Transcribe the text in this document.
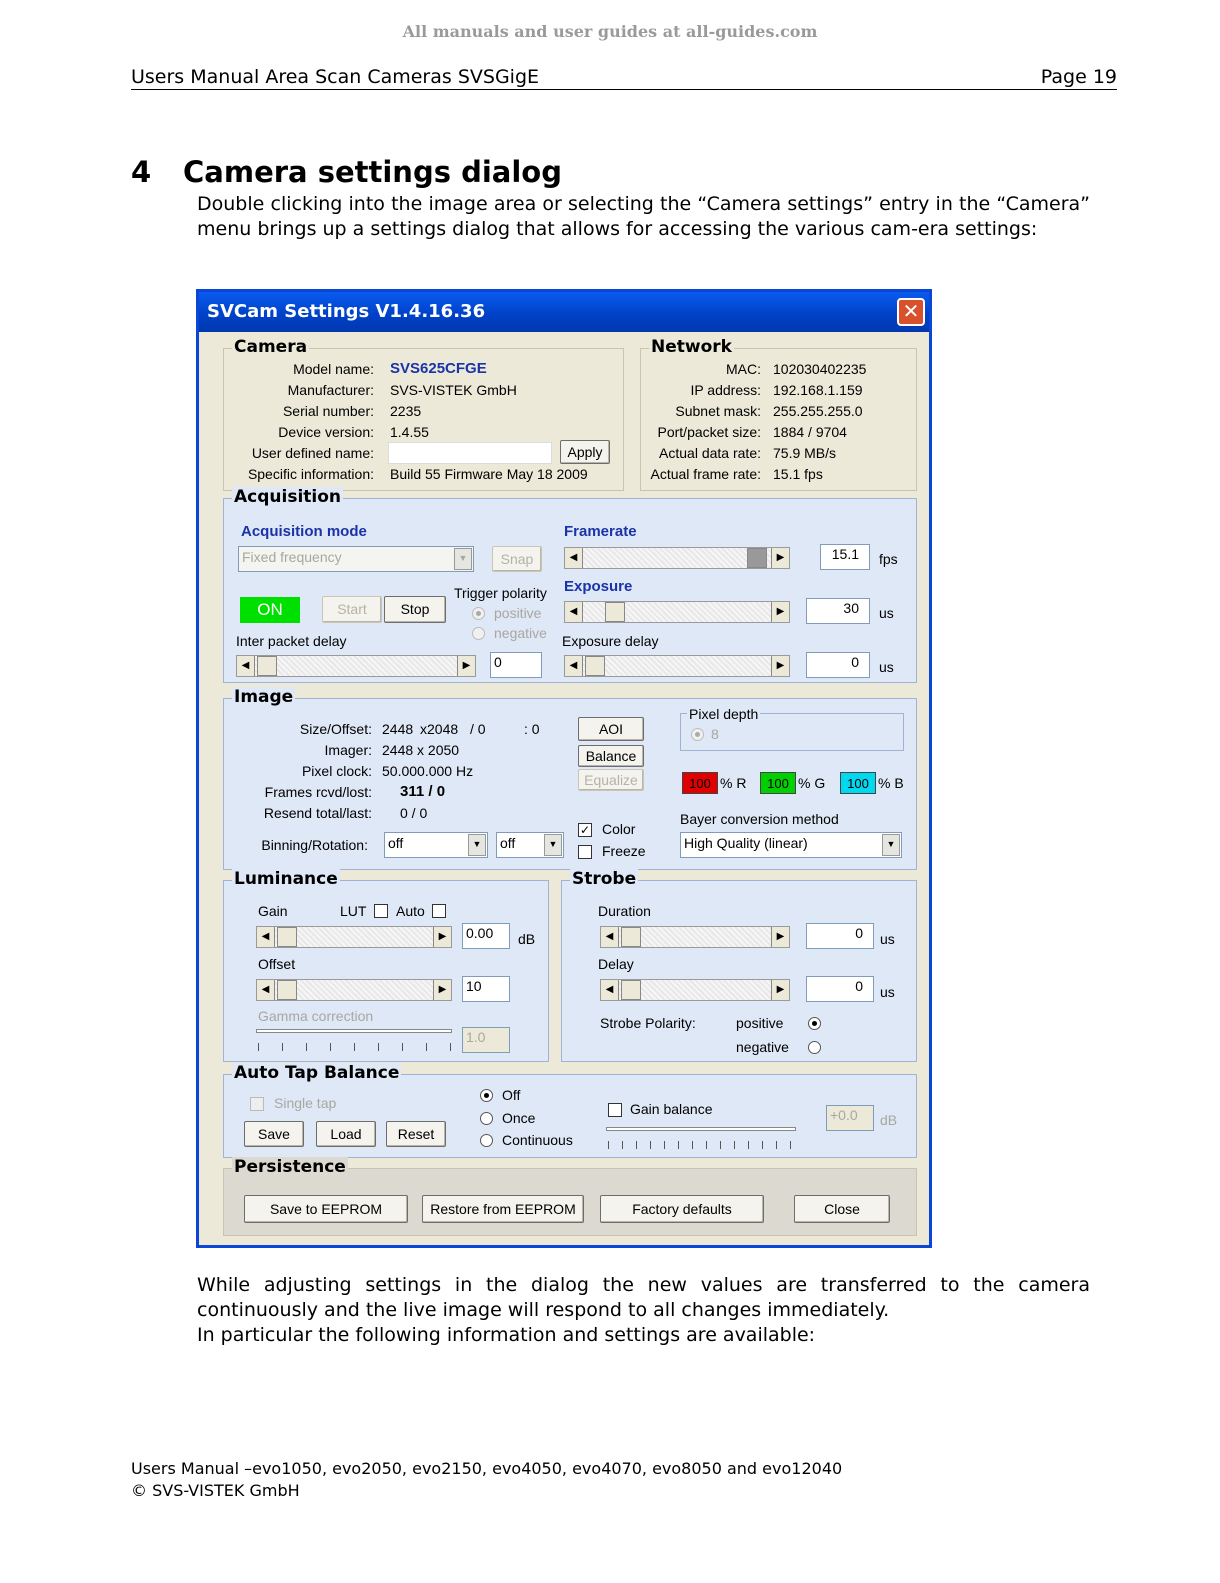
All manuals and user guides at all-guides.com
Users Manual Area Scan Cameras SVSGigE	Page 19
4 Camera settings dialog
Double clicking into the image area or selecting the “Camera settings” entry in the “Camera” menu brings up a settings dialog that allows for accessing the various cam-era settings:
SVCam Settings V1.4.16.36	✕
Camera
Model name: SVS625CFGE
Manufacturer: SVS-VISTEK GmbH
Serial number: 2235
Device version: 1.4.55
User defined name:	Apply
Specific information: Build 55 Firmware May 18 2009
Network
MAC: 102030402235
IP address: 192.168.1.159
Subnet mask: 255.255.255.0
Port/packet size: 1884 / 9704
Actual data rate: 75.9 MB/s
Actual frame rate: 15.1 fps
Acquisition
Acquisition mode
Fixed frequency	▼	Snap
ON	Start	Stop
Trigger polarity
positive
negative
Inter packet delay
◀	▶	0
Framerate
◀	▶	15.1	fps
Exposure
◀	▶	30	us
Exposure delay
◀	▶	0	us
Image
Size/Offset: 2448 x2048 / 0	: 0	AOI
Imager: 2448 x 2050	Balance
Pixel clock: 50.000.000 Hz
Equalize
Frames rcvd/lost: 311 / 0
Resend total/last: 0 / 0
Binning/Rotation: off	▼	off	▼
✓ Color
Freeze
Pixel depth
8
100 % R	100 % G	100 % B
Bayer conversion method
High Quality (linear)	▼
Luminance
Gain	LUT Auto
◀	▶	0.00	dB
Offset
◀	▶	10
Gamma correction
1.0
Strobe
Duration
◀	▶	0	us
Delay
◀	▶	0	us
Strobe Polarity:	positive
negative
Auto Tap Balance
Single tap
Save	Load	Reset
Off
Once
Continuous
Gain balance	+0.0	dB
Persistence
Save to EEPROM	Restore from EEPROM	Factory defaults	Close
While adjusting settings in the dialog the new values are transferred to the camera continuously and the live image will respond to all changes immediately.
In particular the following information and settings are available:
Users Manual –evo1050, evo2050, evo2150, evo4050, evo4070, evo8050 and evo12040
© SVS-VISTEK GmbH
